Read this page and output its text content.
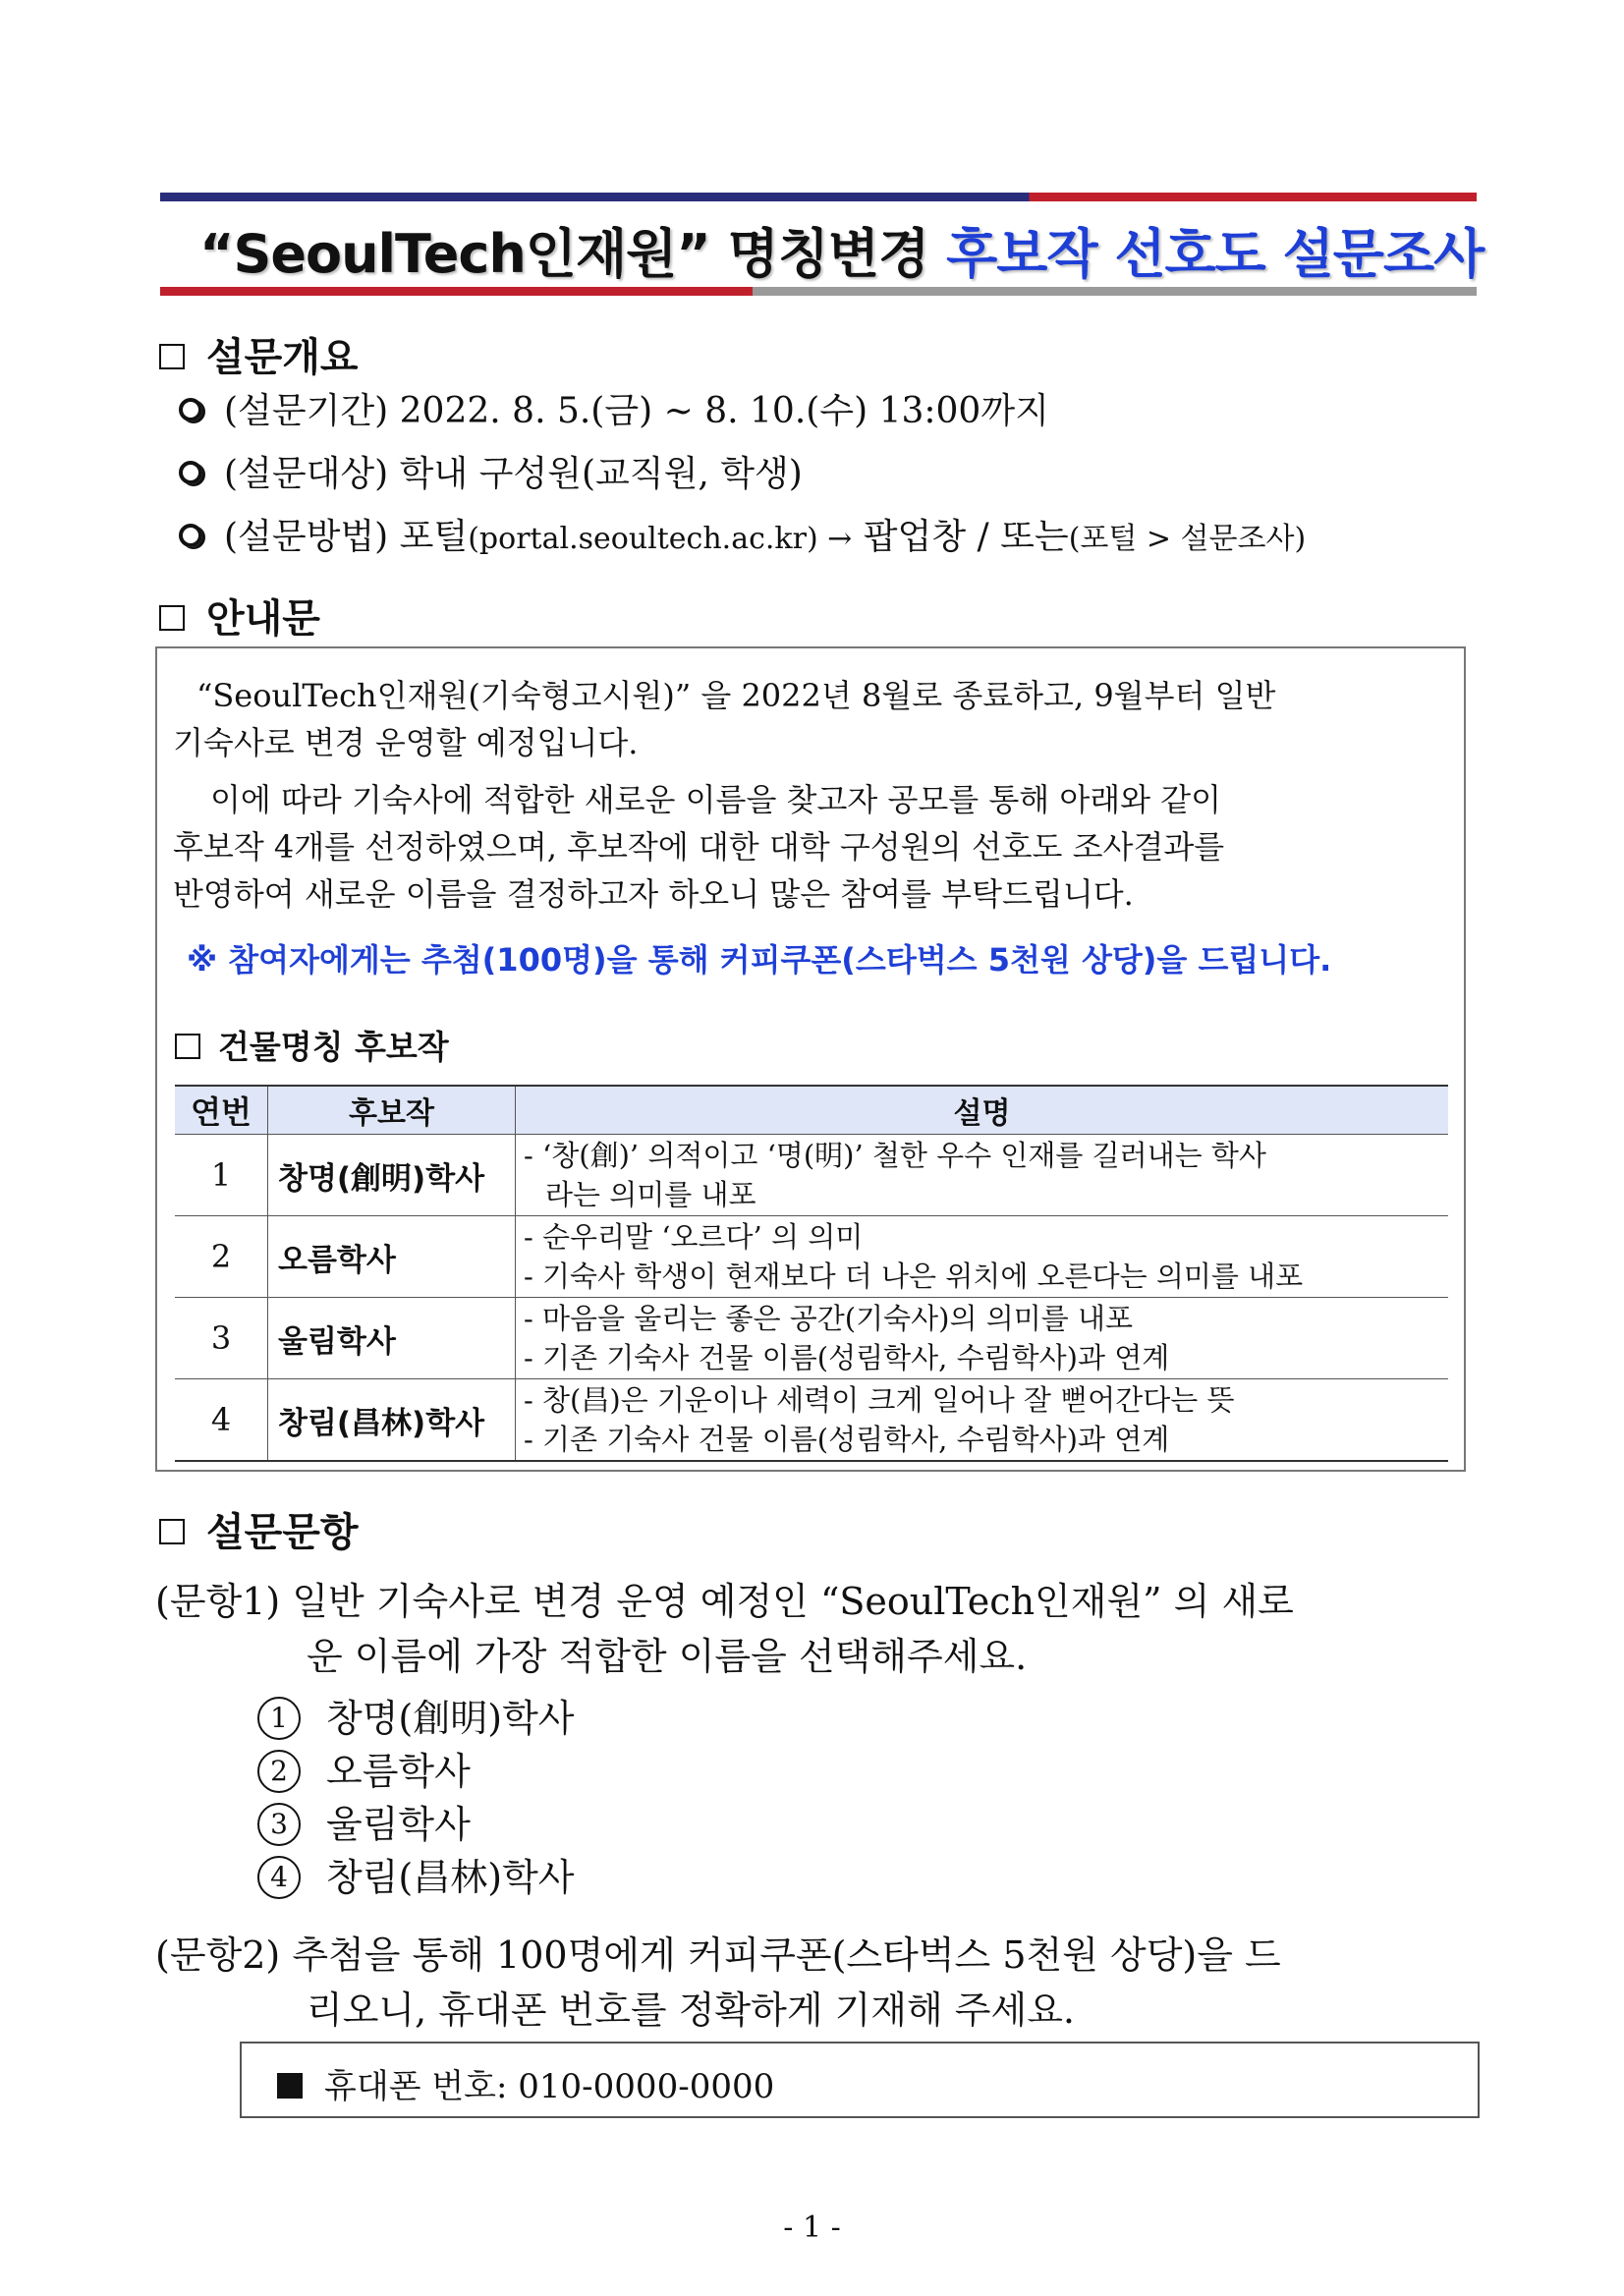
“SeoulTech인재원” 명칭변경 후보작 선호도 설문조사
설문개요
(설문기간) 2022. 8. 5.(금) ~ 8. 10.(수) 13:00까지
(설문대상) 학내 구성원(교직원, 학생)
(설문방법) 포털(portal.seoultech.ac.kr) → 팝업창 / 또는(포털 > 설문조사)
안내문
“SeoulTech인재원(기숙형고시원)” 을 2022년 8월로 종료하고, 9월부터 일반
기숙사로 변경 운영할 예정입니다.
이에 따라 기숙사에 적합한 새로운 이름을 찾고자 공모를 통해 아래와 같이
후보작 4개를 선정하였으며, 후보작에 대한 대학 구성원의 선호도 조사결과를
반영하여 새로운 이름을 결정하고자 하오니 많은 참여를 부탁드립니다.
※ 참여자에게는 추첨(100명)을 통해 커피쿠폰(스타벅스 5천원 상당)을 드립니다.
건물명칭 후보작
연번	후보작	설명
1	창명(創明)학사	- ‘창(創)’ 의적이고 ‘명(明)’ 철한 우수 인재를 길러내는 학사
라는 의미를 내포

2	오름학사	- 순우리말 ‘오르다’ 의 의미
- 기숙사 학생이 현재보다 더 나은 위치에 오른다는 의미를 내포

3	울림학사	- 마음을 울리는 좋은 공간(기숙사)의 의미를 내포
- 기존 기숙사 건물 이름(성림학사, 수림학사)과 연계

4	창림(昌林)학사	- 창(昌)은 기운이나 세력이 크게 일어나 잘 뻗어간다는 뜻
- 기존 기숙사 건물 이름(성림학사, 수림학사)과 연계
설문문항
(문항1) 일반 기숙사로 변경 운영 예정인 “SeoulTech인재원” 의 새로
운 이름에 가장 적합한 이름을 선택해주세요.
1 창명(創明)학사
2 오름학사
3 울림학사
4 창림(昌林)학사
(문항2) 추첨을 통해 100명에게 커피쿠폰(스타벅스 5천원 상당)을 드
리오니, 휴대폰 번호를 정확하게 기재해 주세요.
휴대폰 번호: 010-0000-0000
- 1 -
